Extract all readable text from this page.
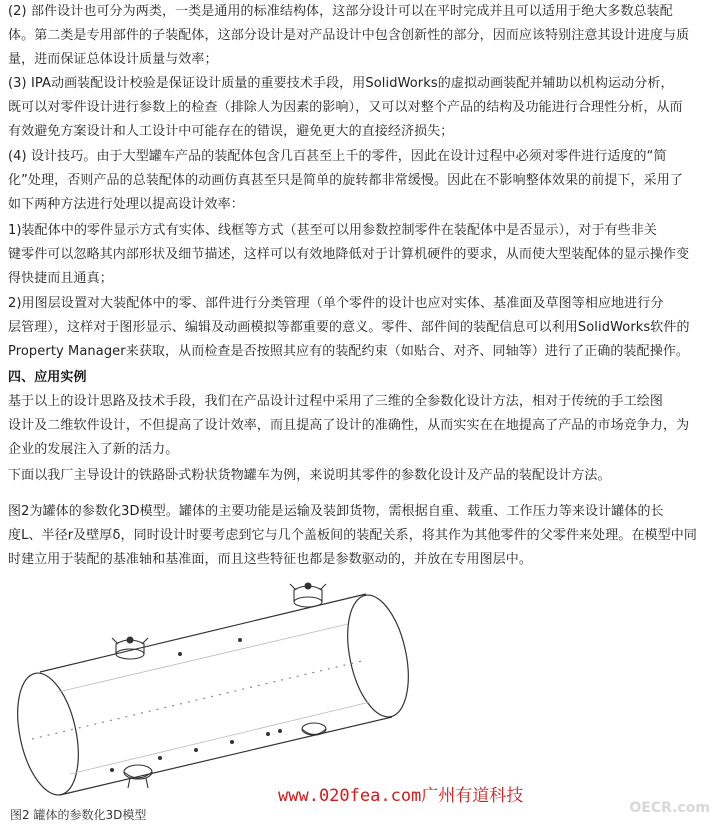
(2) 部件设计也可分为两类，一类是通用的标准结构体，这部分设计可以在平时完成并且可以适用于绝大多数总装配
体。第二类是专用部件的子装配体，这部分设计是对产品设计中包含创新性的部分，因而应该特别注意其设计进度与质
量，进而保证总体设计质量与效率；
(3) IPA动画装配设计校验是保证设计质量的重要技术手段，用SolidWorks的虚拟动画装配并辅助以机构运动分析，
既可以对零件设计进行参数上的检查（排除人为因素的影响），又可以对整个产品的结构及功能进行合理性分析，从而
有效避免方案设计和人工设计中可能存在的错误，避免更大的直接经济损失；
(4) 设计技巧。由于大型罐车产品的装配体包含几百甚至上千的零件，因此在设计过程中必须对零件进行适度的“简
化”处理，否则产品的总装配体的动画仿真甚至只是简单的旋转都非常缓慢。因此在不影响整体效果的前提下，采用了
如下两种方法进行处理以提高设计效率：
1)装配体中的零件显示方式有实体、线框等方式（甚至可以用参数控制零件在装配体中是否显示），对于有些非关
键零件可以忽略其内部形状及细节描述，这样可以有效地降低对于计算机硬件的要求，从而使大型装配体的显示操作变
得快捷而且通真；
2)用图层设置对大装配体中的零、部件进行分类管理（单个零件的设计也应对实体、基准面及草图等相应地进行分
层管理），这样对于图形显示、编辑及动画模拟等都重要的意义。零件、部件间的装配信息可以利用SolidWorks软件的
Property Manager来获取，从而检查是否按照其应有的装配约束（如贴合、对齐、同轴等）进行了正确的装配操作。
四、应用实例
基于以上的设计思路及技术手段，我们在产品设计过程中采用了三维的全参数化设计方法，相对于传统的手工绘图
设计及二维软件设计，不但提高了设计效率，而且提高了设计的准确性，从而实实在在地提高了产品的市场竞争力，为
企业的发展注入了新的活力。
下面以我厂主导设计的铁路卧式粉状货物罐车为例，来说明其零件的参数化设计及产品的装配设计方法。
图2为罐体的参数化3D模型。罐体的主要功能是运输及装卸货物，需根据自重、载重、工作压力等来设计罐体的长
度L、半径r及壁厚δ，同时设计时要考虑到它与几个盖板间的装配关系，将其作为其他零件的父零件来处理。在模型中同
时建立用于装配的基准轴和基准面，而且这些特征也都是参数驱动的，并放在专用图层中。
www.020fea.com广州有道科技
OECR.com
图2 罐体的参数化3D模型
